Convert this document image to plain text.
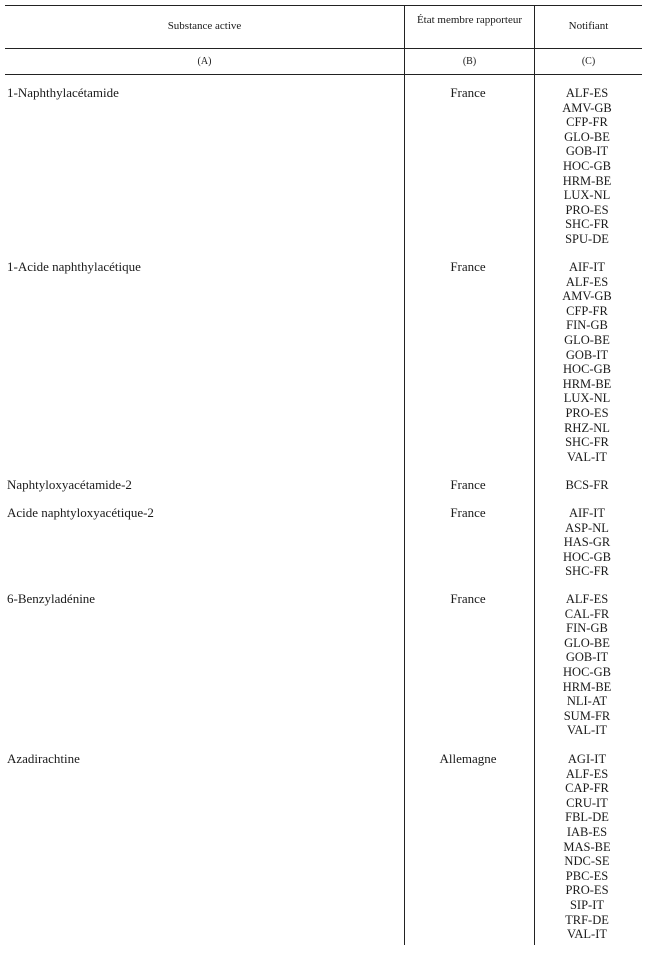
Substance active	État membre rapporteur	Notifiant
(A)	(B)	(C)
1-Naphthylacétamide	France	ALF-ES
AMV-GB
CFP-FR
GLO-BE
GOB-IT
HOC-GB
HRM-BE
LUX-NL
PRO-ES
SHC-FR
SPU-DE
1-Acide naphthylacétique	France	AIF-IT
ALF-ES
AMV-GB
CFP-FR
FIN-GB
GLO-BE
GOB-IT
HOC-GB
HRM-BE
LUX-NL
PRO-ES
RHZ-NL
SHC-FR
VAL-IT
Naphtyloxyacétamide-2	France	BCS-FR
Acide naphtyloxyacétique-2	France	AIF-IT
ASP-NL
HAS-GR
HOC-GB
SHC-FR
6-Benzyladénine	France	ALF-ES
CAL-FR
FIN-GB
GLO-BE
GOB-IT
HOC-GB
HRM-BE
NLI-AT
SUM-FR
VAL-IT
Azadirachtine	Allemagne	AGI-IT
ALF-ES
CAP-FR
CRU-IT
FBL-DE
IAB-ES
MAS-BE
NDC-SE
PBC-ES
PRO-ES
SIP-IT
TRF-DE
VAL-IT
